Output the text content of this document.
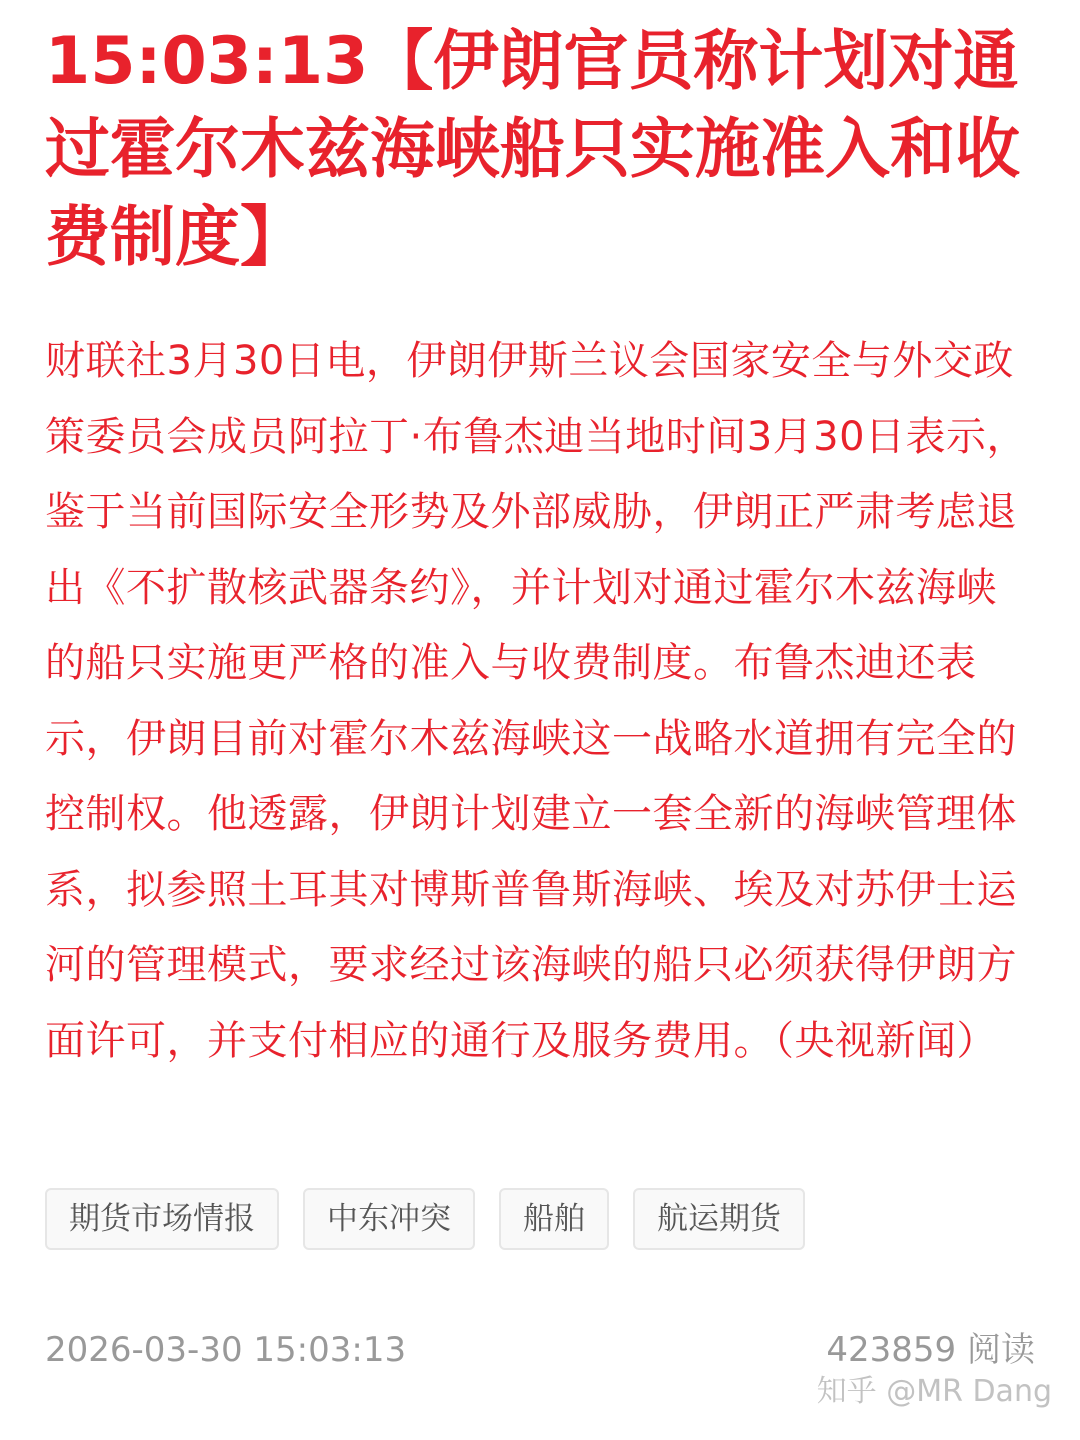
15:03:13【伊朗官员称计划对通过霍尔木兹海峡船只实施准入和收费制度】

财联社3月30日电，伊朗伊斯兰议会国家安全与外交政策委员会成员阿拉丁·布鲁杰迪当地时间3月30日表示，鉴于当前国际安全形势及外部威胁，伊朗正严肃考虑退出《不扩散核武器条约》，并计划对通过霍尔木兹海峡的船只实施更严格的准入与收费制度。布鲁杰迪还表示，伊朗目前对霍尔木兹海峡这一战略水道拥有完全的控制权。他透露，伊朗计划建立一套全新的海峡管理体系，拟参照土耳其对博斯普鲁斯海峡、埃及对苏伊士运河的管理模式，要求经过该海峡的船只必须获得伊朗方面许可，并支付相应的通行及服务费用。（央视新闻）

期货市场情报	中东冲突	船舶	航运期货
2026-03-30 15:03:13	423859 阅读
知乎 @MR Dang
